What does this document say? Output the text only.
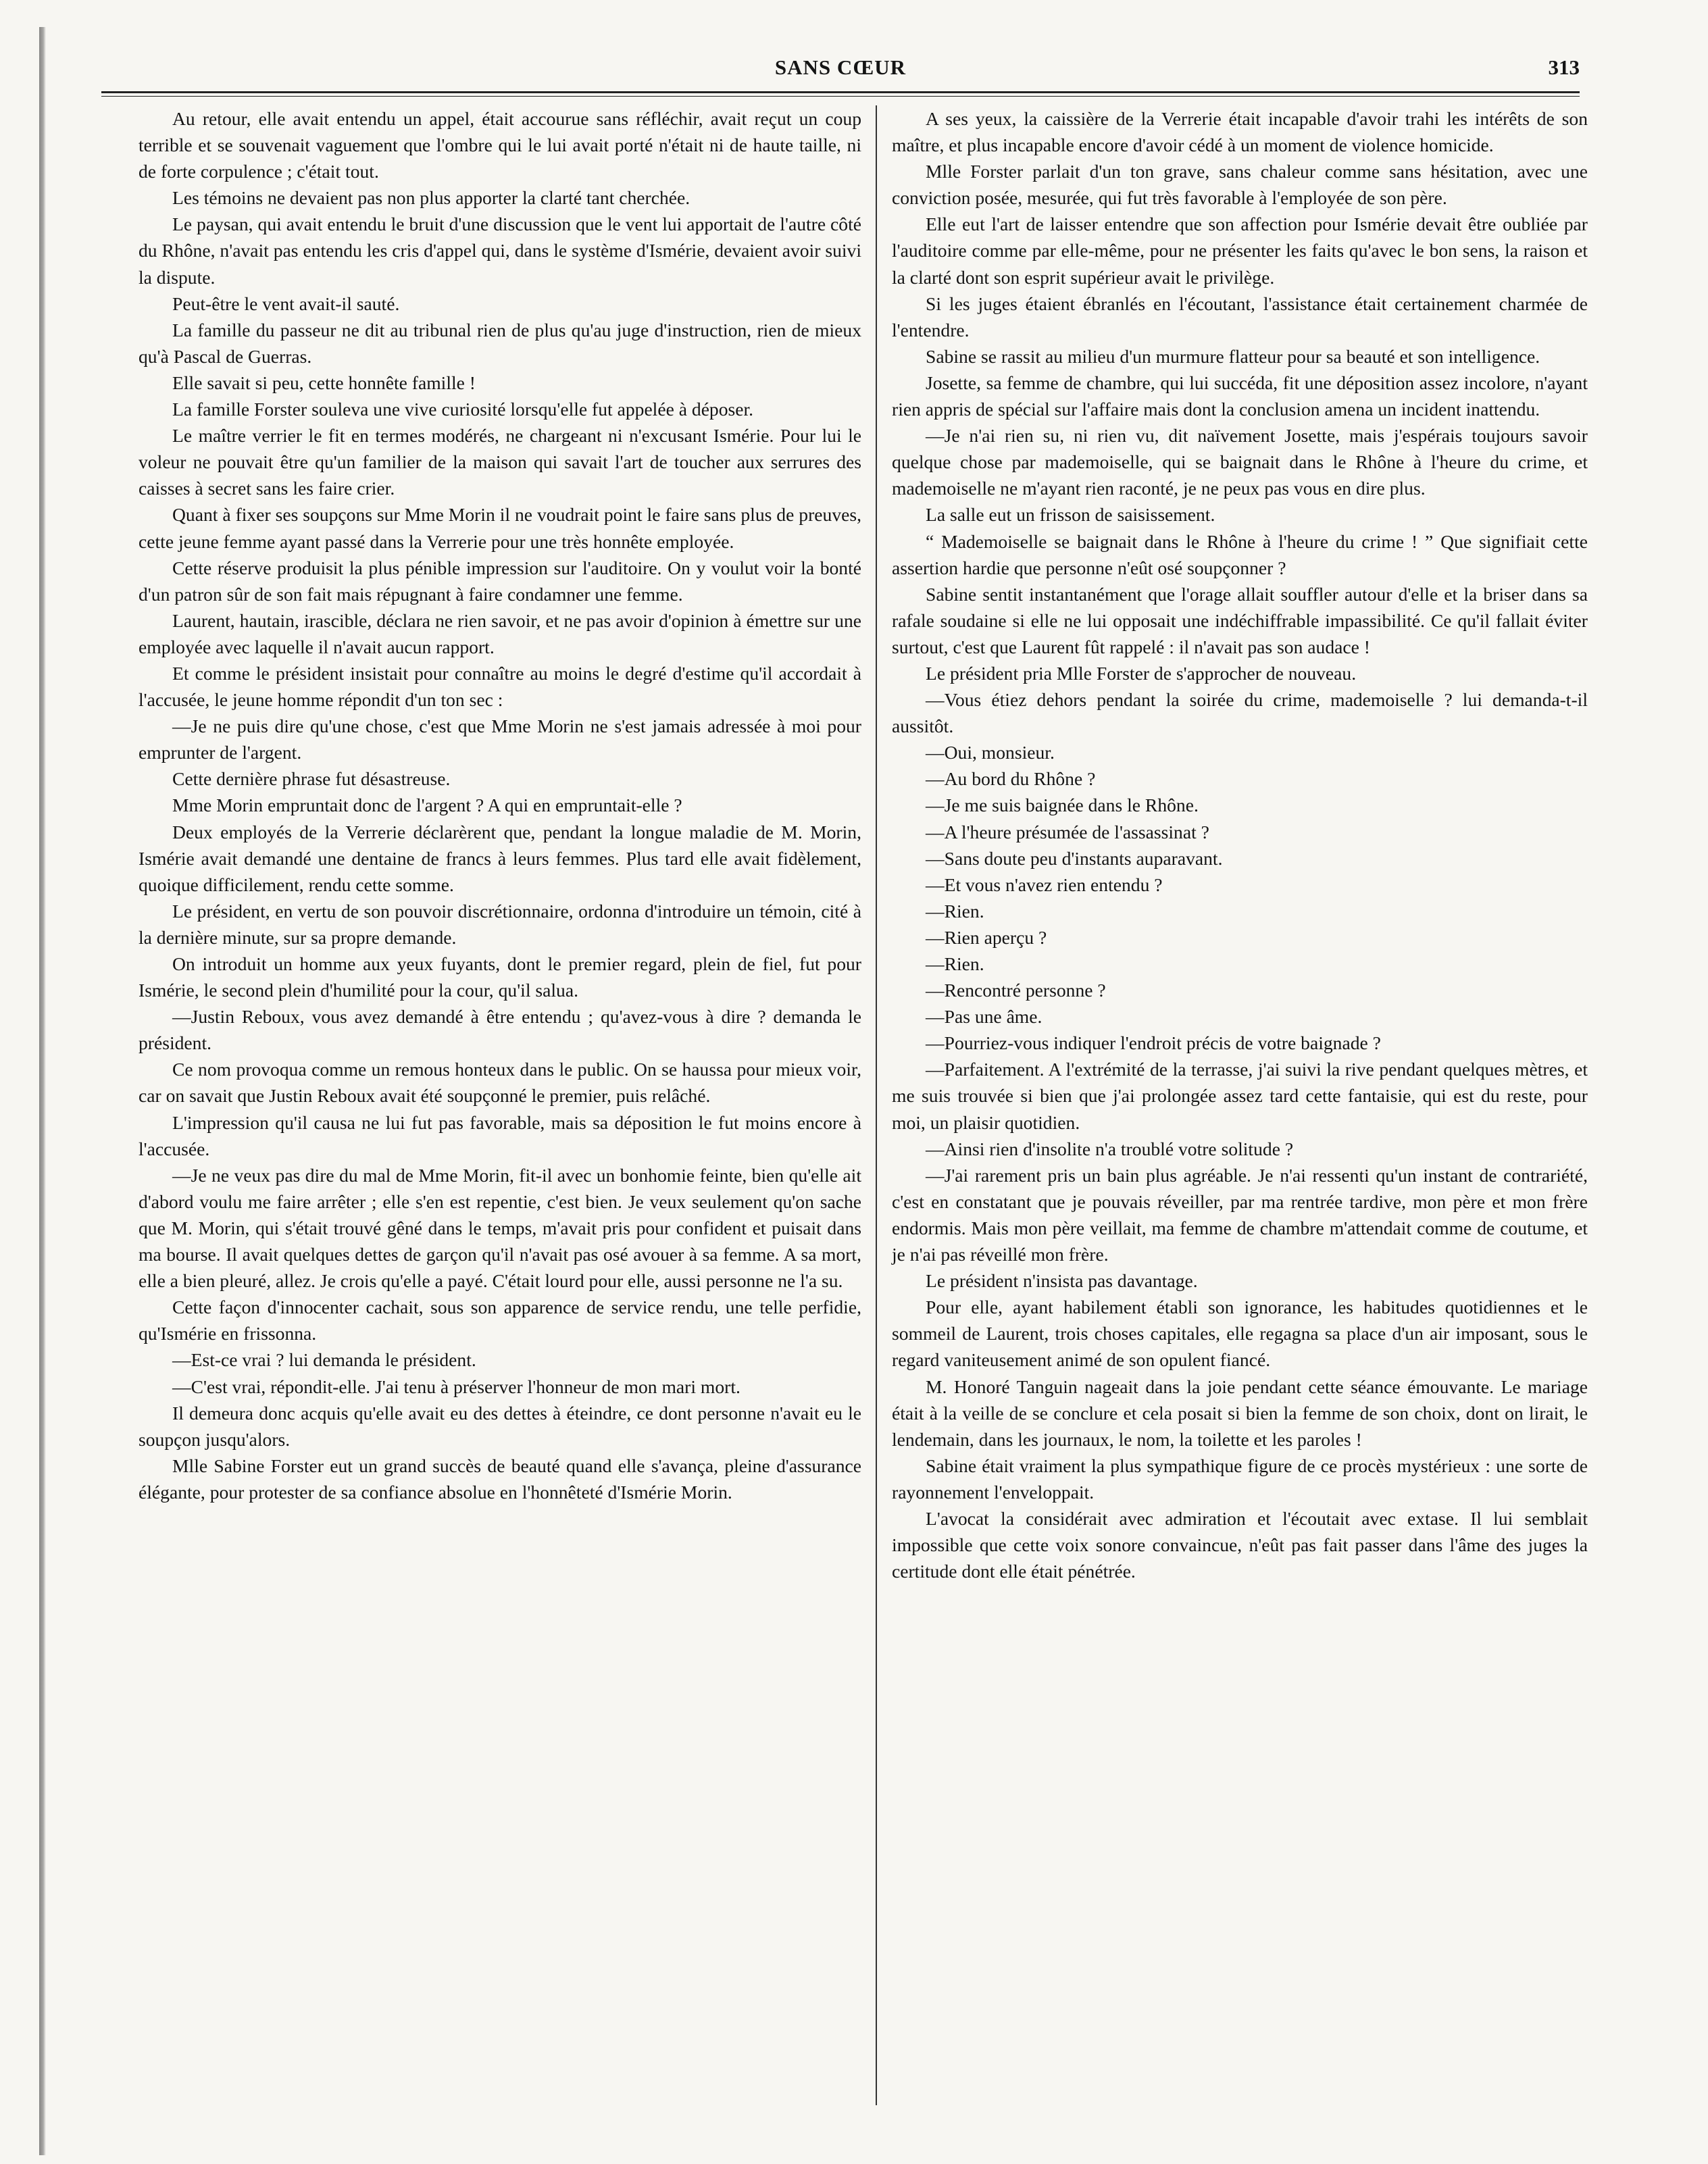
SANS CŒUR	313

Au retour, elle avait entendu un appel, était accourue sans réfléchir, avait reçut un coup terrible et se souvenait vaguement que l'ombre qui le lui avait porté n'était ni de haute taille, ni de forte corpulence ; c'était tout.

Les témoins ne devaient pas non plus apporter la clarté tant cherchée.

Le paysan, qui avait entendu le bruit d'une discussion que le vent lui apportait de l'autre côté du Rhône, n'avait pas entendu les cris d'appel qui, dans le système d'Ismérie, devaient avoir suivi la dispute.

Peut-être le vent avait-il sauté.

La famille du passeur ne dit au tribunal rien de plus qu'au juge d'instruction, rien de mieux qu'à Pascal de Guerras.

Elle savait si peu, cette honnête famille !

La famille Forster souleva une vive curiosité lorsqu'elle fut appelée à déposer.

Le maître verrier le fit en termes modérés, ne chargeant ni n'excusant Ismérie. Pour lui le voleur ne pouvait être qu'un familier de la maison qui savait l'art de toucher aux serrures des caisses à secret sans les faire crier.

Quant à fixer ses soupçons sur Mme Morin il ne voudrait point le faire sans plus de preuves, cette jeune femme ayant passé dans la Verrerie pour une très honnête employée.

Cette réserve produisit la plus pénible impression sur l'auditoire. On y voulut voir la bonté d'un patron sûr de son fait mais répugnant à faire condamner une femme.

Laurent, hautain, irascible, déclara ne rien savoir, et ne pas avoir d'opinion à émettre sur une employée avec laquelle il n'avait aucun rapport.

Et comme le président insistait pour connaître au moins le degré d'estime qu'il accordait à l'accusée, le jeune homme répondit d'un ton sec :

—Je ne puis dire qu'une chose, c'est que Mme Morin ne s'est jamais adressée à moi pour emprunter de l'argent.

Cette dernière phrase fut désastreuse.

Mme Morin empruntait donc de l'argent ? A qui en empruntait-elle ?

Deux employés de la Verrerie déclarèrent que, pendant la longue maladie de M. Morin, Ismérie avait demandé une dentaine de francs à leurs femmes. Plus tard elle avait fidèlement, quoique difficilement, rendu cette somme.

Le président, en vertu de son pouvoir discrétionnaire, ordonna d'introduire un témoin, cité à la dernière minute, sur sa propre demande.

On introduit un homme aux yeux fuyants, dont le premier regard, plein de fiel, fut pour Ismérie, le second plein d'humilité pour la cour, qu'il salua.

—Justin Reboux, vous avez demandé à être entendu ; qu'avez-vous à dire ? demanda le président.

Ce nom provoqua comme un remous honteux dans le public. On se haussa pour mieux voir, car on savait que Justin Reboux avait été soupçonné le premier, puis relâché.

L'impression qu'il causa ne lui fut pas favorable, mais sa déposition le fut moins encore à l'accusée.

—Je ne veux pas dire du mal de Mme Morin, fit-il avec un bonhomie feinte, bien qu'elle ait d'abord voulu me faire arrêter ; elle s'en est repentie, c'est bien. Je veux seulement qu'on sache que M. Morin, qui s'était trouvé gêné dans le temps, m'avait pris pour confident et puisait dans ma bourse. Il avait quelques dettes de garçon qu'il n'avait pas osé avouer à sa femme. A sa mort, elle a bien pleuré, allez. Je crois qu'elle a payé. C'était lourd pour elle, aussi personne ne l'a su.

Cette façon d'innocenter cachait, sous son apparence de service rendu, une telle perfidie, qu'Ismérie en frissonna.

—Est-ce vrai ? lui demanda le président.

—C'est vrai, répondit-elle. J'ai tenu à préserver l'honneur de mon mari mort.

Il demeura donc acquis qu'elle avait eu des dettes à éteindre, ce dont personne n'avait eu le soupçon jusqu'alors.

Mlle Sabine Forster eut un grand succès de beauté quand elle s'avança, pleine d'assurance élégante, pour protester de sa confiance absolue en l'honnêteté d'Ismérie Morin.

A ses yeux, la caissière de la Verrerie était incapable d'avoir trahi les intérêts de son maître, et plus incapable encore d'avoir cédé à un moment de violence homicide.

Mlle Forster parlait d'un ton grave, sans chaleur comme sans hésitation, avec une conviction posée, mesurée, qui fut très favorable à l'employée de son père.

Elle eut l'art de laisser entendre que son affection pour Ismérie devait être oubliée par l'auditoire comme par elle-même, pour ne présenter les faits qu'avec le bon sens, la raison et la clarté dont son esprit supérieur avait le privilège.

Si les juges étaient ébranlés en l'écoutant, l'assistance était certainement charmée de l'entendre.

Sabine se rassit au milieu d'un murmure flatteur pour sa beauté et son intelligence.

Josette, sa femme de chambre, qui lui succéda, fit une déposition assez incolore, n'ayant rien appris de spécial sur l'affaire mais dont la conclusion amena un incident inattendu.

—Je n'ai rien su, ni rien vu, dit naïvement Josette, mais j'espérais toujours savoir quelque chose par mademoiselle, qui se baignait dans le Rhône à l'heure du crime, et mademoiselle ne m'ayant rien raconté, je ne peux pas vous en dire plus.

La salle eut un frisson de saisissement.

“ Mademoiselle se baignait dans le Rhône à l'heure du crime ! ” Que signifiait cette assertion hardie que personne n'eût osé soupçonner ?

Sabine sentit instantanément que l'orage allait souffler autour d'elle et la briser dans sa rafale soudaine si elle ne lui opposait une indéchiffrable impassibilité. Ce qu'il fallait éviter surtout, c'est que Laurent fût rappelé : il n'avait pas son audace !

Le président pria Mlle Forster de s'approcher de nouveau.

—Vous étiez dehors pendant la soirée du crime, mademoiselle ? lui demanda-t-il aussitôt.

—Oui, monsieur.

—Au bord du Rhône ?

—Je me suis baignée dans le Rhône.

—A l'heure présumée de l'assassinat ?

—Sans doute peu d'instants auparavant.

—Et vous n'avez rien entendu ?

—Rien.

—Rien aperçu ?

—Rien.

—Rencontré personne ?

—Pas une âme.

—Pourriez-vous indiquer l'endroit précis de votre baignade ?

—Parfaitement. A l'extrémité de la terrasse, j'ai suivi la rive pendant quelques mètres, et me suis trouvée si bien que j'ai prolongée assez tard cette fantaisie, qui est du reste, pour moi, un plaisir quotidien.

—Ainsi rien d'insolite n'a troublé votre solitude ?

—J'ai rarement pris un bain plus agréable. Je n'ai ressenti qu'un instant de contrariété, c'est en constatant que je pouvais réveiller, par ma rentrée tardive, mon père et mon frère endormis. Mais mon père veillait, ma femme de chambre m'attendait comme de coutume, et je n'ai pas réveillé mon frère.

Le président n'insista pas davantage.

Pour elle, ayant habilement établi son ignorance, les habitudes quotidiennes et le sommeil de Laurent, trois choses capitales, elle regagna sa place d'un air imposant, sous le regard vaniteusement animé de son opulent fiancé.

M. Honoré Tanguin nageait dans la joie pendant cette séance émouvante. Le mariage était à la veille de se conclure et cela posait si bien la femme de son choix, dont on lirait, le lendemain, dans les journaux, le nom, la toilette et les paroles !

Sabine était vraiment la plus sympathique figure de ce procès mystérieux : une sorte de rayonnement l'enveloppait.

L'avocat la considérait avec admiration et l'écoutait avec extase. Il lui semblait impossible que cette voix sonore convaincue, n'eût pas fait passer dans l'âme des juges la certitude dont elle était pénétrée.
